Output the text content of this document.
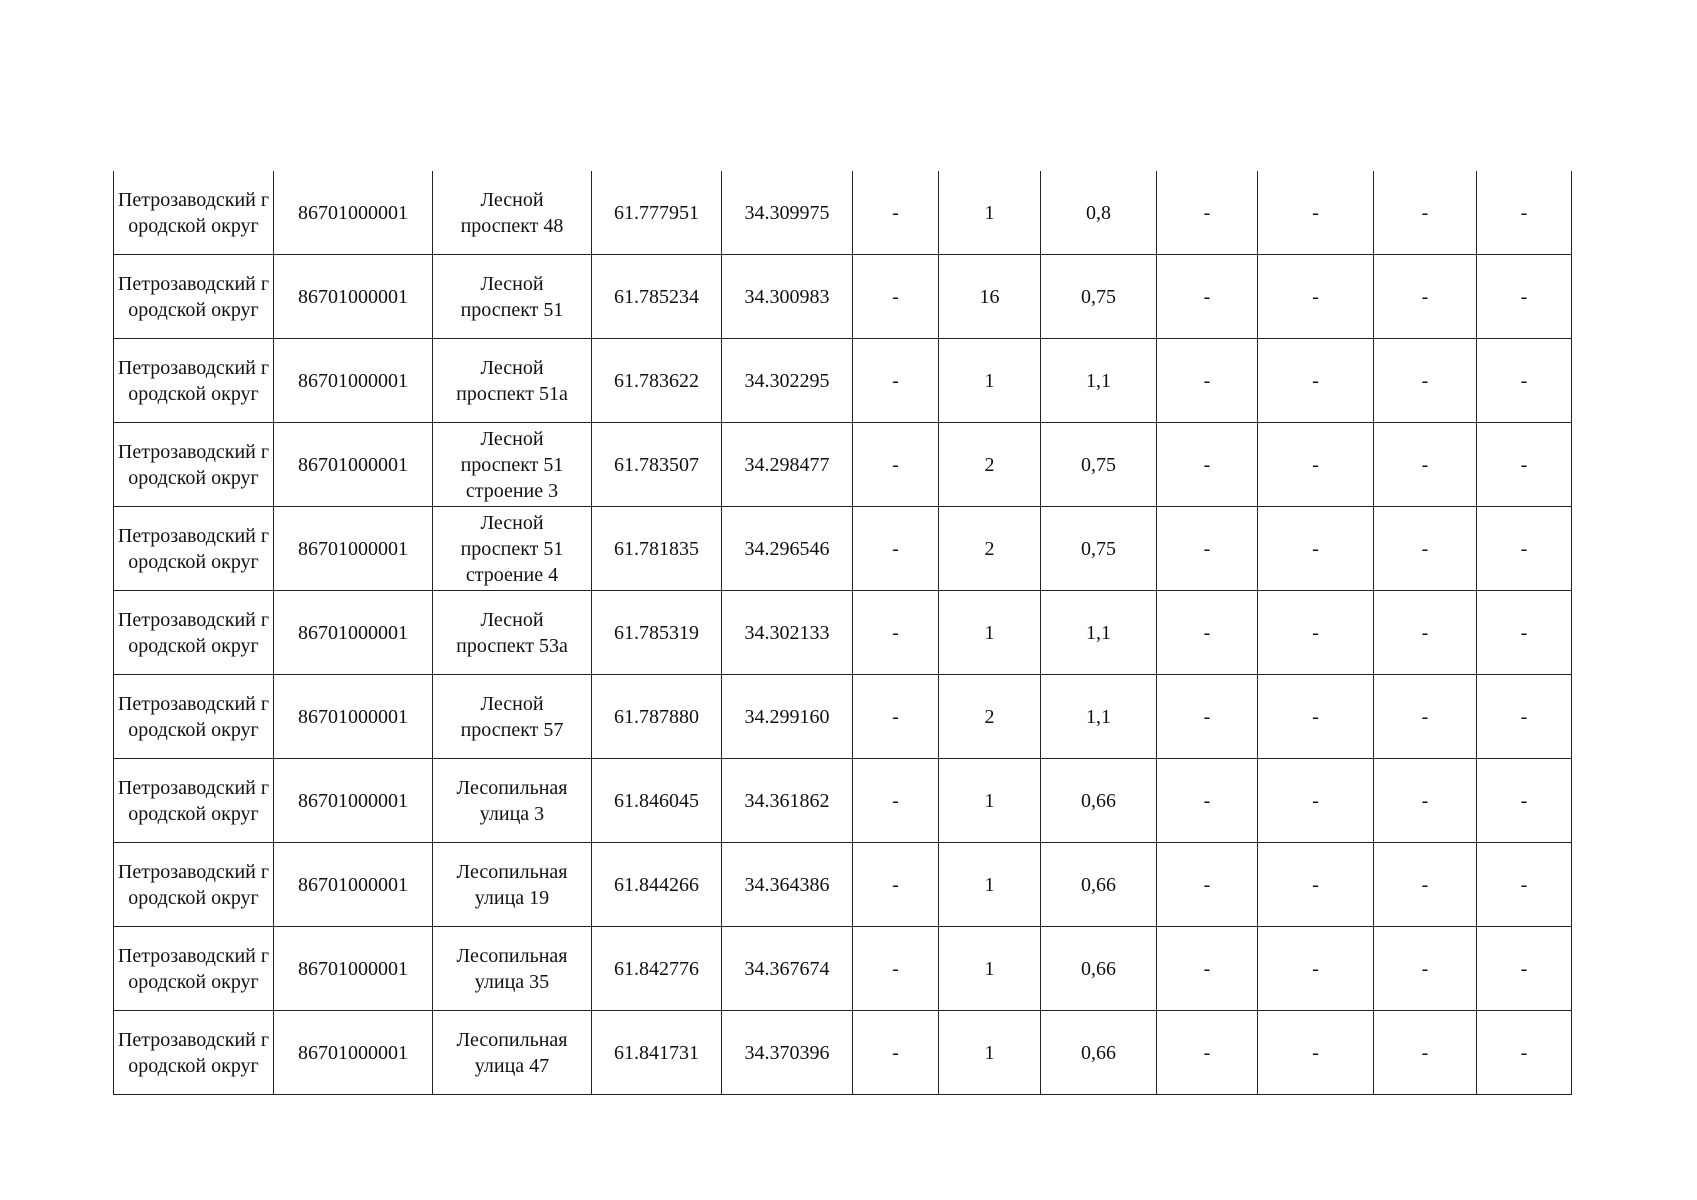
Петрозаводский городской округ	86701000001	Лесной
проспект 48	61.777951	34.309975	-	1	0,8	-	-	-	-
Петрозаводский городской округ	86701000001	Лесной
проспект 51	61.785234	34.300983	-	16	0,75	-	-	-	-
Петрозаводский городской округ	86701000001	Лесной
проспект 51а	61.783622	34.302295	-	1	1,1	-	-	-	-
Петрозаводский городской округ	86701000001	Лесной
проспект 51
строение 3	61.783507	34.298477	-	2	0,75	-	-	-	-
Петрозаводский городской округ	86701000001	Лесной
проспект 51
строение 4	61.781835	34.296546	-	2	0,75	-	-	-	-
Петрозаводский городской округ	86701000001	Лесной
проспект 53а	61.785319	34.302133	-	1	1,1	-	-	-	-
Петрозаводский городской округ	86701000001	Лесной
проспект 57	61.787880	34.299160	-	2	1,1	-	-	-	-
Петрозаводский городской округ	86701000001	Лесопильная
улица 3	61.846045	34.361862	-	1	0,66	-	-	-	-
Петрозаводский городской округ	86701000001	Лесопильная
улица 19	61.844266	34.364386	-	1	0,66	-	-	-	-
Петрозаводский городской округ	86701000001	Лесопильная
улица 35	61.842776	34.367674	-	1	0,66	-	-	-	-
Петрозаводский городской округ	86701000001	Лесопильная
улица 47	61.841731	34.370396	-	1	0,66	-	-	-	-
